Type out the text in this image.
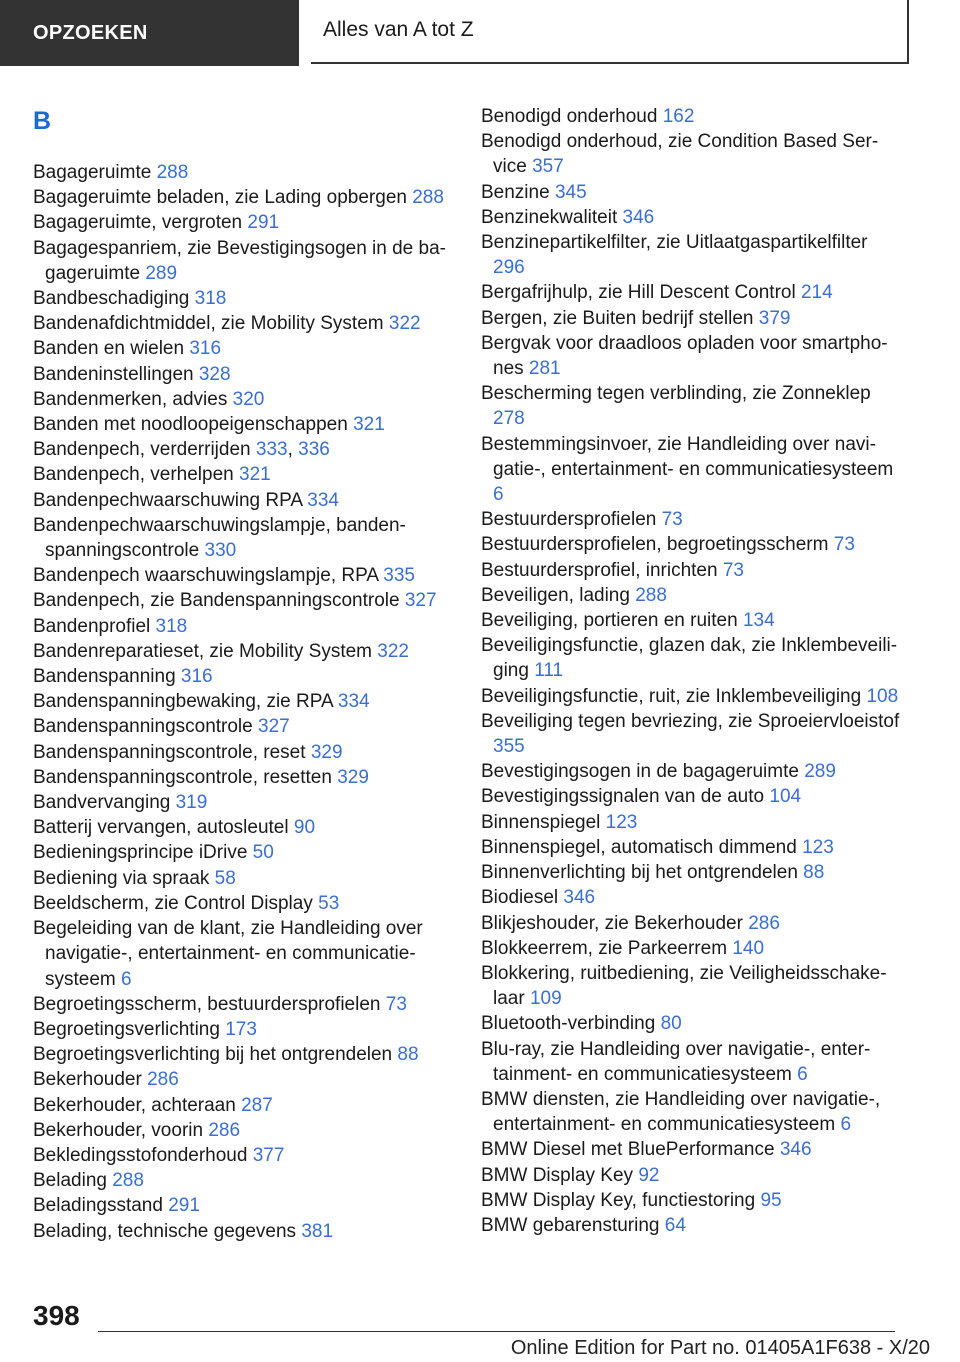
OPZOEKEN	Alles van A tot Z
B
Bagageruimte 288
Bagageruimte beladen, zie Lading opbergen 288
Bagageruimte, vergroten 291
Bagagespanriem, zie Bevestigingsogen in de bagageruimte 289
Bandbeschadiging 318
Bandenafdichtmiddel, zie Mobility System 322
Banden en wielen 316
Bandeninstellingen 328
Bandenmerken, advies 320
Banden met noodloopeigenschappen 321
Bandenpech, verderrijden 333, 336
Bandenpech, verhelpen 321
Bandenpechwaarschuwing RPA 334
Bandenpechwaarschuwingslampje, bandenspanningscontrole 330
Bandenpech waarschuwingslampje, RPA 335
Bandenpech, zie Bandenspanningscontrole 327
Bandenprofiel 318
Bandenreparatieset, zie Mobility System 322
Bandenspanning 316
Bandenspanningbewaking, zie RPA 334
Bandenspanningscontrole 327
Bandenspanningscontrole, reset 329
Bandenspanningscontrole, resetten 329
Bandvervanging 319
Batterij vervangen, autosleutel 90
Bedieningsprincipe iDrive 50
Bediening via spraak 58
Beeldscherm, zie Control Display 53
Begeleiding van de klant, zie Handleiding over navigatie-, entertainment- en communicatiesysteem 6
Begroetingsscherm, bestuurdersprofielen 73
Begroetingsverlichting 173
Begroetingsverlichting bij het ontgrendelen 88
Bekerhouder 286
Bekerhouder, achteraan 287
Bekerhouder, voorin 286
Bekledingsstofonderhoud 377
Belading 288
Beladingsstand 291
Belading, technische gegevens 381
Benodigd onderhoud 162
Benodigd onderhoud, zie Condition Based Service 357
Benzine 345
Benzinekwaliteit 346
Benzinepartikelfilter, zie Uitlaatgaspartikelfilter 296
Bergafrijhulp, zie Hill Descent Control 214
Bergen, zie Buiten bedrijf stellen 379
Bergvak voor draadloos opladen voor smartphones 281
Bescherming tegen verblinding, zie Zonneklep 278
Bestemmingsinvoer, zie Handleiding over navigatie-, entertainment- en communicatiesysteem 6
Bestuurdersprofielen 73
Bestuurdersprofielen, begroetingsscherm 73
Bestuurdersprofiel, inrichten 73
Beveiligen, lading 288
Beveiliging, portieren en ruiten 134
Beveiligingsfunctie, glazen dak, zie Inklembeveiliging 111
Beveiligingsfunctie, ruit, zie Inklembeveiliging 108
Beveiliging tegen bevriezing, zie Sproeiervloeistof 355
Bevestigingsogen in de bagageruimte 289
Bevestigingssignalen van de auto 104
Binnenspiegel 123
Binnenspiegel, automatisch dimmend 123
Binnenverlichting bij het ontgrendelen 88
Biodiesel 346
Blikjeshouder, zie Bekerhouder 286
Blokkeerrem, zie Parkeerrem 140
Blokkering, ruitbediening, zie Veiligheidsschakelaar 109
Bluetooth-verbinding 80
Blu-ray, zie Handleiding over navigatie-, entertainment- en communicatiesysteem 6
BMW diensten, zie Handleiding over navigatie-, entertainment- en communicatiesysteem 6
BMW Diesel met BluePerformance 346
BMW Display Key 92
BMW Display Key, functiestoring 95
BMW gebarensturing 64
398
Online Edition for Part no. 01405A1F638 - X/20
